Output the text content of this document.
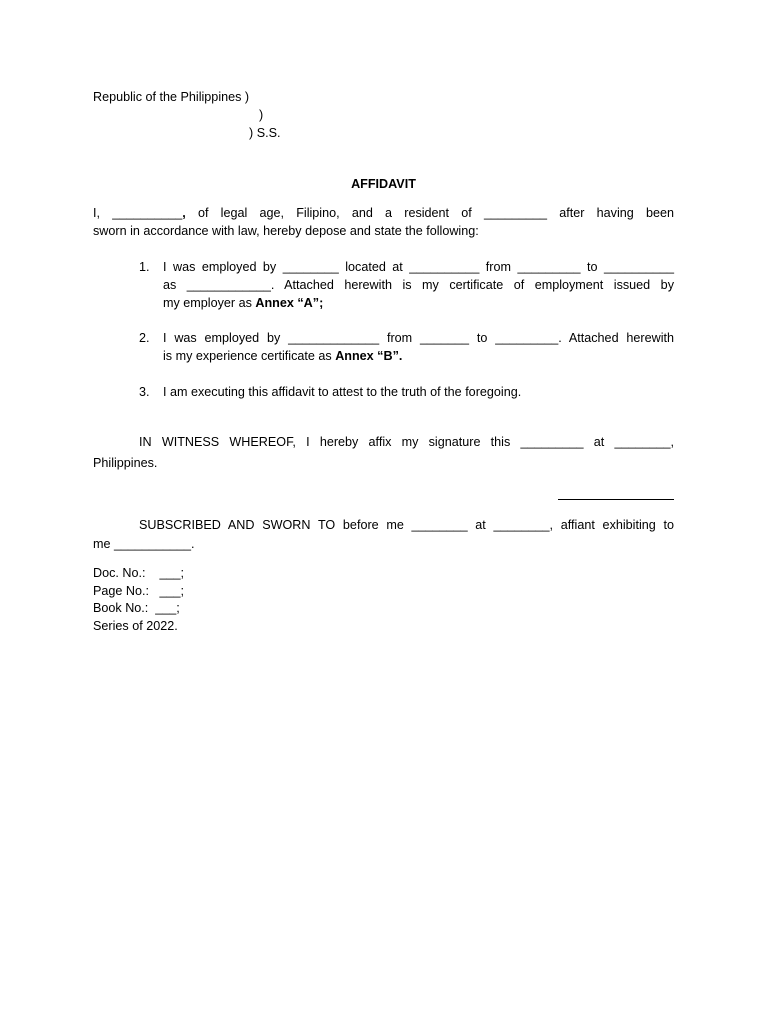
Republic of the Philippines )
)
) S.S.
AFFIDAVIT
I, __________, of legal age, Filipino, and a resident of _________ after having been
sworn in accordance with law, hereby depose and state the following:
1. I was employed by ________ located at __________ from _________ to __________
as ____________. Attached herewith is my certificate of employment issued by
my employer as Annex “A”;
2. I was employed by _____________ from _______ to _________. Attached herewith
is my experience certificate as Annex “B”.
3. I am executing this affidavit to attest to the truth of the foregoing.
IN WITNESS WHEREOF, I hereby affix my signature this _________ at ________,
Philippines.
SUBSCRIBED AND SWORN TO before me ________ at ________, affiant exhibiting to
me ___________.
Doc. No.:    ___;
Page No.:   ___;
Book No.:  ___;
Series of 2022.
